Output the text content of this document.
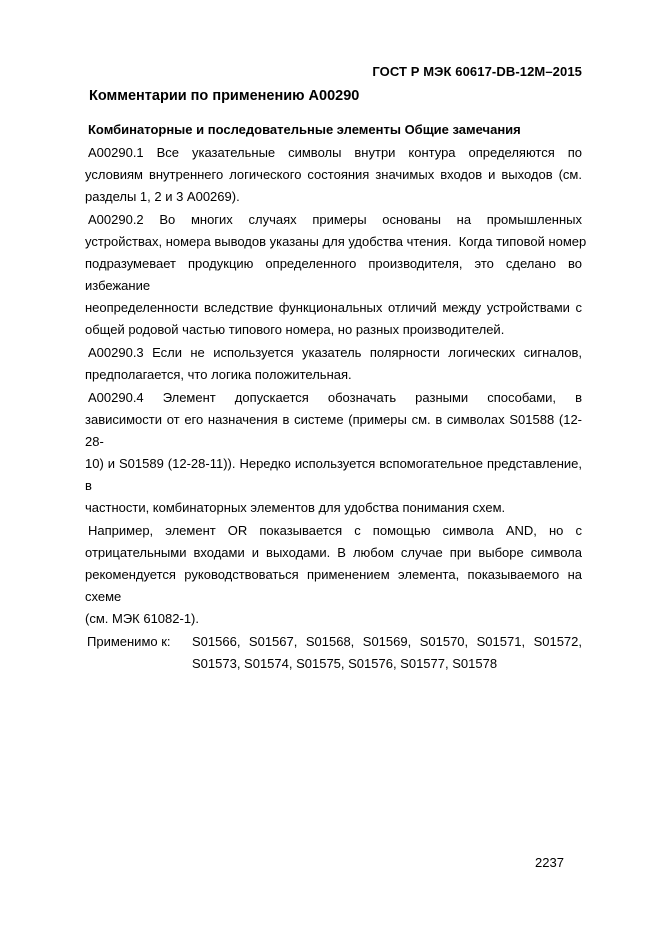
ГОСТ Р МЭК 60617-DB-12M–2015
Комментарии по применению А00290
Комбинаторные и последовательные элементы Общие замечания
А00290.1 Все указательные символы внутри контура определяются по
условиям внутреннего логического состояния значимых входов и выходов (см.
разделы 1, 2 и 3 А00269).
А00290.2 Во многих случаях примеры основаны на промышленных
устройствах, номера выводов указаны для удобства чтения.  Когда типовой номер
подразумевает продукцию определенного производителя, это сделано во избежание
неопределенности вследствие функциональных отличий между устройствами с
общей родовой частью типового номера, но разных производителей.
А00290.3 Если не используется указатель полярности логических сигналов,
предполагается, что логика положительная.
А00290.4 Элемент допускается обозначать разными способами, в
зависимости от его назначения в системе (примеры см. в символах S01588 (12-28-
10) и S01589 (12-28-11)). Нередко используется вспомогательное представление, в
частности, комбинаторных элементов для удобства понимания схем.
Например, элемент OR показывается с помощью символа AND, но с
отрицательными входами и выходами. В любом случае при выборе символа
рекомендуется руководствоваться применением элемента, показываемого на схеме
(см. МЭК 61082-1).
Применимо к:	S01566, S01567, S01568, S01569, S01570, S01571, S01572,
S01573, S01574, S01575, S01576, S01577, S01578
2237
